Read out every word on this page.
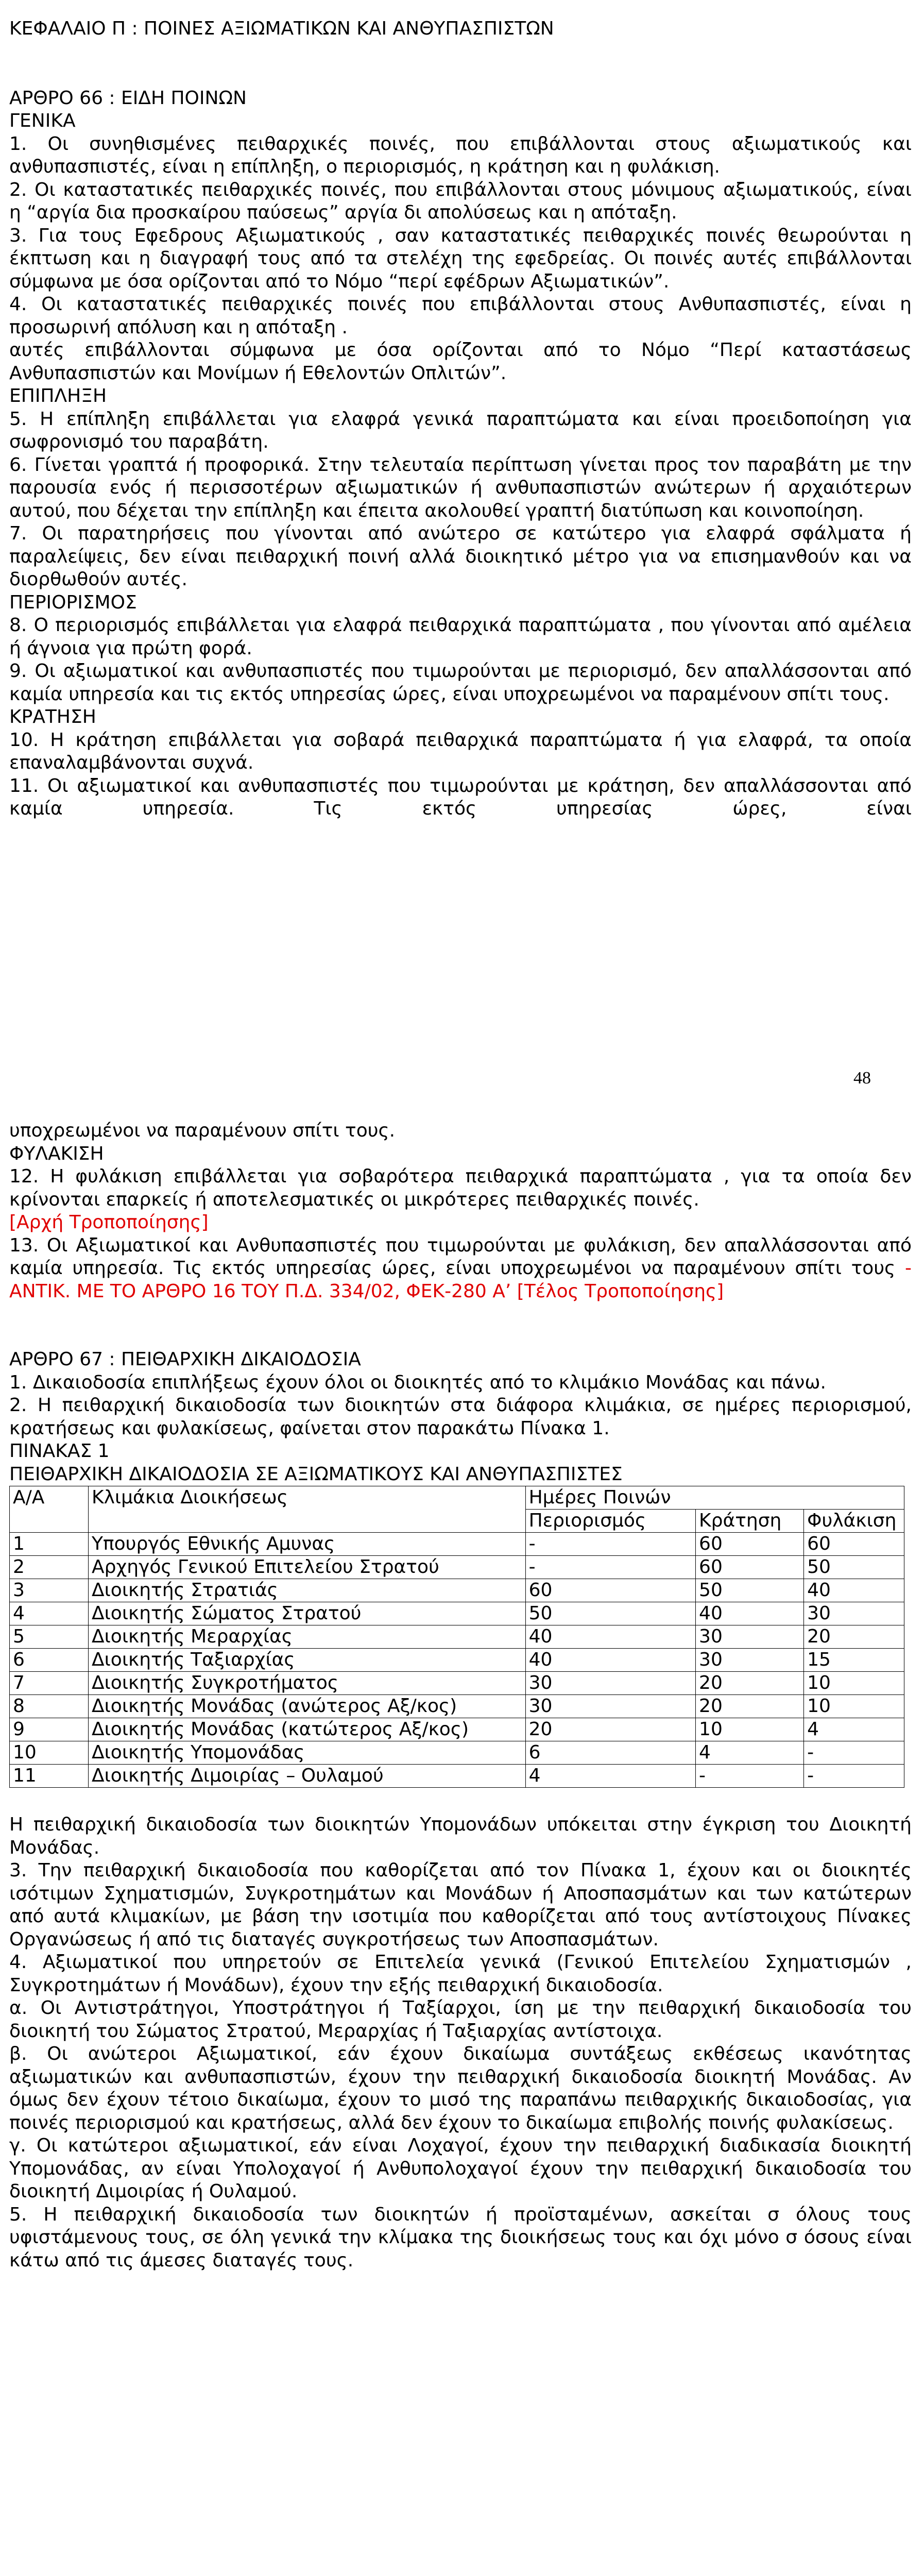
ΚΕΦΑΛΑΙΟ Π : ΠΟΙΝΕΣ ΑΞΙΩΜΑΤΙΚΩΝ ΚΑΙ ΑΝΘΥΠΑΣΠΙΣΤΩΝ

ΑΡΘΡΟ 66 : ΕΙΔΗ ΠΟΙΝΩΝ

ΓΕΝΙΚΑ

1. Οι συνηθισμένες πειθαρχικές ποινές, που επιβάλλονται στους αξιωματικούς και ανθυπασπιστές, είναι η επίπληξη, ο περιορισμός, η κράτηση και η φυλάκιση.

2. Οι καταστατικές πειθαρχικές ποινές, που επιβάλλονται στους μόνιμους αξιωματικούς, είναι η “αργία δια προσκαίρου παύσεως” αργία δι απολύσεως και η απόταξη.

3. Για τους Εφεδρους Αξιωματικούς , σαν καταστατικές πειθαρχικές ποινές θεωρούνται η έκπτωση και η διαγραφή τους από τα στελέχη της εφεδρείας. Οι ποινές αυτές επιβάλλονται σύμφωνα με όσα ορίζονται από το Νόμο “περί εφέδρων Αξιωματικών”.

4. Οι καταστατικές πειθαρχικές ποινές που επιβάλλονται στους Ανθυπασπιστές, είναι η προσωρινή απόλυση και η απόταξη .

αυτές επιβάλλονται σύμφωνα με όσα ορίζονται από το Νόμο “Περί καταστάσεως Ανθυπασπιστών και Μονίμων ή Εθελοντών Οπλιτών”.

ΕΠΙΠΛΗΞΗ

5. Η επίπληξη επιβάλλεται για ελαφρά γενικά παραπτώματα και είναι προειδοποίηση για σωφρονισμό του παραβάτη.

6. Γίνεται γραπτά ή προφορικά. Στην τελευταία περίπτωση γίνεται προς τον παραβάτη με την παρουσία ενός ή περισσοτέρων αξιωματικών ή ανθυπασπιστών ανώτερων ή αρχαιότερων αυτού, που δέχεται την επίπληξη και έπειτα ακολουθεί γραπτή διατύπωση και κοινοποίηση.

7. Οι παρατηρήσεις που γίνονται από ανώτερο σε κατώτερο για ελαφρά σφάλματα ή παραλείψεις, δεν είναι πειθαρχική ποινή αλλά διοικητικό μέτρο για να επισημανθούν και να διορθωθούν αυτές.

ΠΕΡΙΟΡΙΣΜΟΣ

8. Ο περιορισμός επιβάλλεται για ελαφρά πειθαρχικά παραπτώματα , που γίνονται από αμέλεια ή άγνοια για πρώτη φορά.

9. Οι αξιωματικοί και ανθυπασπιστές που τιμωρούνται με περιορισμό, δεν απαλλάσσονται από καμία υπηρεσία και τις εκτός υπηρεσίας ώρες, είναι υποχρεωμένοι να παραμένουν σπίτι τους.

ΚΡΑΤΗΣΗ

10. Η κράτηση επιβάλλεται για σοβαρά πειθαρχικά παραπτώματα ή για ελαφρά, τα οποία επαναλαμβάνονται συχνά.

11. Οι αξιωματικοί και ανθυπασπιστές που τιμωρούνται με κράτηση, δεν απαλλάσσονται από καμία υπηρεσία. Τις εκτός υπηρεσίας ώρες, είναι

48

υποχρεωμένοι να παραμένουν σπίτι τους.

ΦΥΛΑΚΙΣΗ

12. Η φυλάκιση επιβάλλεται για σοβαρότερα πειθαρχικά παραπτώματα , για τα οποία δεν κρίνονται επαρκείς ή αποτελεσματικές οι μικρότερες πειθαρχικές ποινές.

[Αρχή Τροποποίησης]

13. Οι Αξιωματικοί και Ανθυπασπιστές που τιμωρούνται με φυλάκιση, δεν απαλλάσσονται από καμία υπηρεσία. Τις εκτός υπηρεσίας ώρες, είναι υποχρεωμένοι να παραμένουν σπίτι τους - ΑΝΤΙΚ. ΜΕ ΤΟ ΑΡΘΡΟ 16 ΤΟΥ Π.Δ. 334/02, ΦΕΚ-280 Α’ [Τέλος Τροποποίησης]

ΑΡΘΡΟ 67 : ΠΕΙΘΑΡΧΙΚΗ ΔΙΚΑΙΟΔΟΣΙΑ

1. Δικαιοδοσία επιπλήξεως έχουν όλοι οι διοικητές από το κλιμάκιο Μονάδας και πάνω.

2. Η πειθαρχική δικαιοδοσία των διοικητών στα διάφορα κλιμάκια, σε ημέρες περιορισμού, κρατήσεως και φυλακίσεως, φαίνεται στον παρακάτω Πίνακα 1.

ΠΙΝΑΚΑΣ 1

ΠΕΙΘΑΡΧΙΚΗ ΔΙΚΑΙΟΔΟΣΙΑ ΣΕ ΑΞΙΩΜΑΤΙΚΟΥΣ ΚΑΙ ΑΝΘΥΠΑΣΠΙΣΤΕΣ

Α/Α	Κλιμάκια Διοικήσεως	Ημέρες Ποινών		
		Περιορισμός	Κράτηση	Φυλάκιση
1	Υπουργός Εθνικής Αμυνας	-	60	60
2	Αρχηγός Γενικού Επιτελείου Στρατού	-	60	50
3	Διοικητής Στρατιάς	60	50	40
4	Διοικητής Σώματος Στρατού	50	40	30
5	Διοικητής Μεραρχίας	40	30	20
6	Διοικητής Ταξιαρχίας	40	30	15
7	Διοικητής Συγκροτήματος	30	20	10
8	Διοικητής Μονάδας (ανώτερος Αξ/κος)	30	20	10
9	Διοικητής Μονάδας (κατώτερος Αξ/κος)	20	10	4
10	Διοικητής Υπομονάδας	6	4	-
11	Διοικητής Διμοιρίας – Ουλαμού	4	-	-

Η πειθαρχική δικαιοδοσία των διοικητών Υπομονάδων υπόκειται στην έγκριση του Διοικητή Μονάδας.

3. Την πειθαρχική δικαιοδοσία που καθορίζεται από τον Πίνακα 1, έχουν και οι διοικητές ισότιμων Σχηματισμών, Συγκροτημάτων και Μονάδων ή Αποσπασμάτων και των κατώτερων από αυτά κλιμακίων, με βάση την ισοτιμία που καθορίζεται από τους αντίστοιχους Πίνακες Οργανώσεως ή από τις διαταγές συγκροτήσεως των Αποσπασμάτων.

4. Αξιωματικοί που υπηρετούν σε Επιτελεία γενικά (Γενικού Επιτελείου Σχηματισμών , Συγκροτημάτων ή Μονάδων), έχουν την εξής πειθαρχική δικαιοδοσία.

α. Οι Αντιστράτηγοι, Υποστράτηγοι ή Ταξίαρχοι, ίση με την πειθαρχική δικαιοδοσία του διοικητή του Σώματος Στρατού, Μεραρχίας ή Ταξιαρχίας αντίστοιχα.

β. Οι ανώτεροι Αξιωματικοί, εάν έχουν δικαίωμα συντάξεως εκθέσεως ικανότητας αξιωματικών και ανθυπασπιστών, έχουν την πειθαρχική δικαιοδοσία διοικητή Μονάδας. Αν όμως δεν έχουν τέτοιο δικαίωμα, έχουν το μισό της παραπάνω πειθαρχικής δικαιοδοσίας, για ποινές περιορισμού και κρατήσεως, αλλά δεν έχουν το δικαίωμα επιβολής ποινής φυλακίσεως.

γ. Οι κατώτεροι αξιωματικοί, εάν είναι Λοχαγοί, έχουν την πειθαρχική διαδικασία διοικητή Υπομονάδας, αν είναι Υπολοχαγοί ή Ανθυπολοχαγοί έχουν την πειθαρχική δικαιοδοσία του διοικητή Διμοιρίας ή Ουλαμού.

5. Η πειθαρχική δικαιοδοσία των διοικητών ή προϊσταμένων, ασκείται σ όλους τους υφιστάμενους τους, σε όλη γενικά την κλίμακα της διοικήσεως τους και όχι μόνο σ όσους είναι κάτω από τις άμεσες διαταγές τους.
